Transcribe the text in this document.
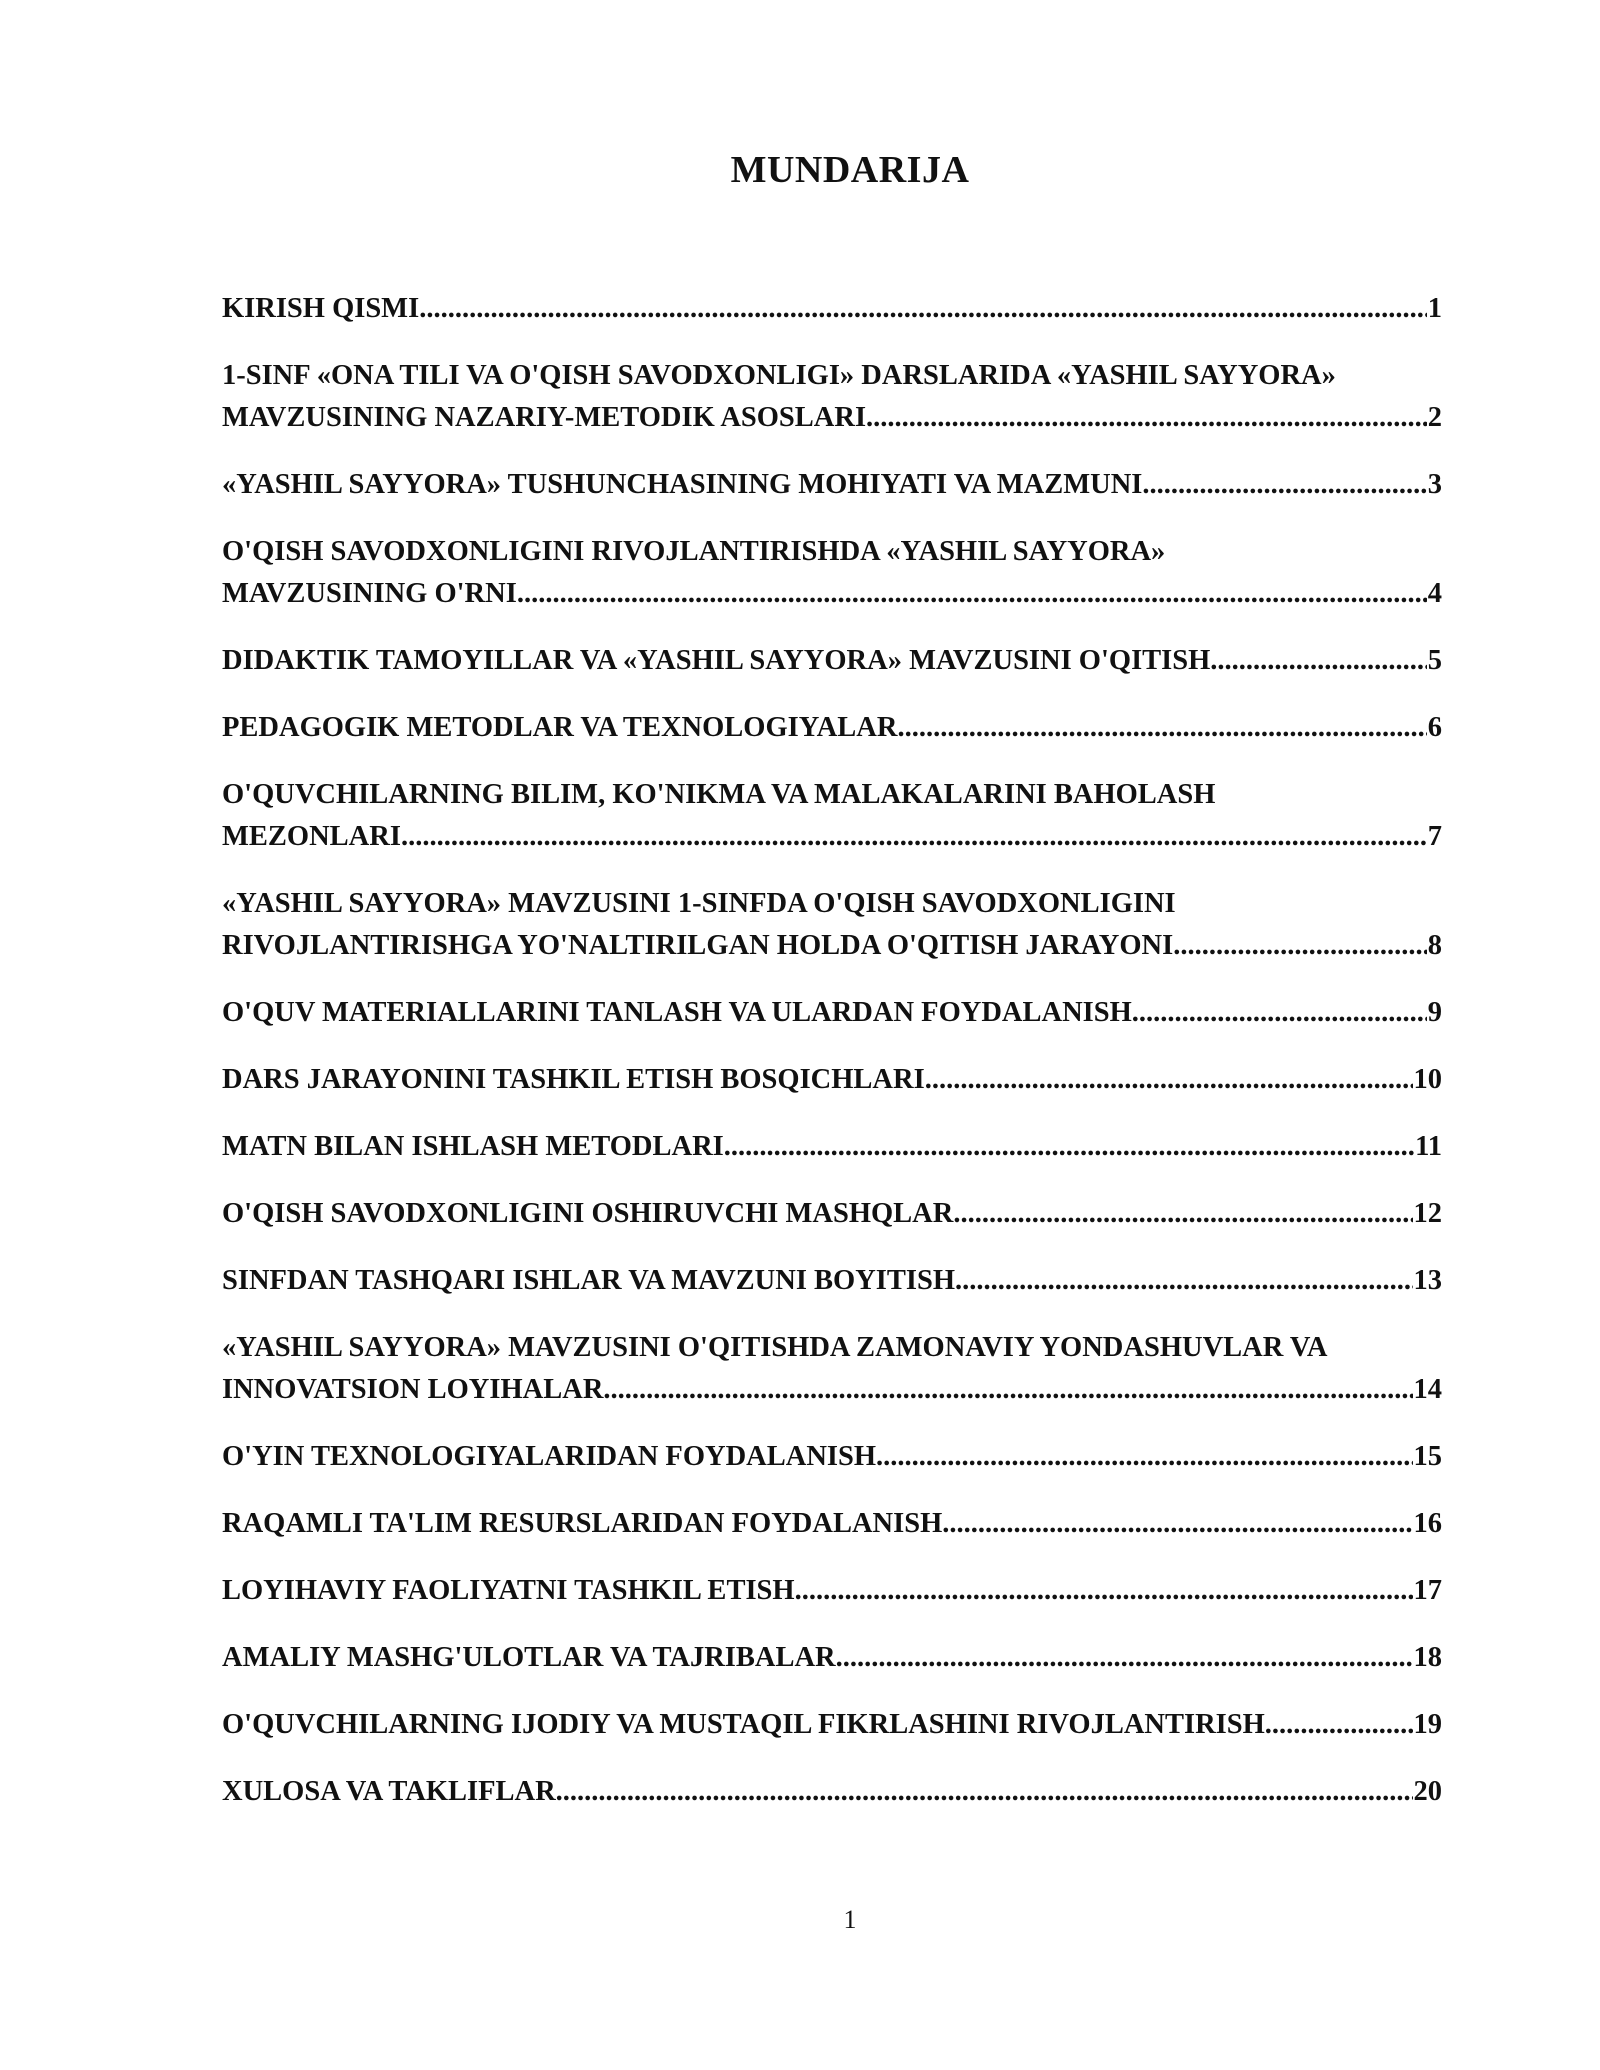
MUNDARIJA
KIRISH QISMI .....	1
1-SINF «ONA TILI VA O'QISH SAVODXONLIGI» DARSLARIDA «YASHIL SAYYORA»
MAVZUSINING NAZARIY-METODIK ASOSLARI .....	2
«YASHIL SAYYORA» TUSHUNCHASINING MOHIYATI VA MAZMUNI .....	3
O'QISH SAVODXONLIGINI RIVOJLANTIRISHDA «YASHIL SAYYORA»
MAVZUSINING O'RNI .....	4
DIDAKTIK TAMOYILLAR VA «YASHIL SAYYORA» MAVZUSINI O'QITISH .....	5
PEDAGOGIK METODLAR VA TEXNOLOGIYALAR .....	6
O'QUVCHILARNING BILIM, KO'NIKMA VA MALAKALARINI BAHOLASH
MEZONLARI .....	7
«YASHIL SAYYORA» MAVZUSINI 1-SINFDA O'QISH SAVODXONLIGINI
RIVOJLANTIRISHGA YO'NALTIRILGAN HOLDA O'QITISH JARAYONI .....	8
O'QUV MATERIALLARINI TANLASH VA ULARDAN FOYDALANISH .....	9
DARS JARAYONINI TASHKIL ETISH BOSQICHLARI .....	10
MATN BILAN ISHLASH METODLARI .....	11
O'QISH SAVODXONLIGINI OSHIRUVCHI MASHQLAR .....	12
SINFDAN TASHQARI ISHLAR VA MAVZUNI BOYITISH .....	13
«YASHIL SAYYORA» MAVZUSINI O'QITISHDA ZAMONAVIY YONDASHUVLAR VA
INNOVATSION LOYIHALAR .....	14
O'YIN TEXNOLOGIYALARIDAN FOYDALANISH .....	15
RAQAMLI TA'LIM RESURSLARIDAN FOYDALANISH .....	16
LOYIHAVIY FAOLIYATNI TASHKIL ETISH .....	17
AMALIY MASHG'ULOTLAR VA TAJRIBALAR .....	18
O'QUVCHILARNING IJODIY VA MUSTAQIL FIKRLASHINI RIVOJLANTIRISH .....	19
XULOSA VA TAKLIFLAR .....	20
1
